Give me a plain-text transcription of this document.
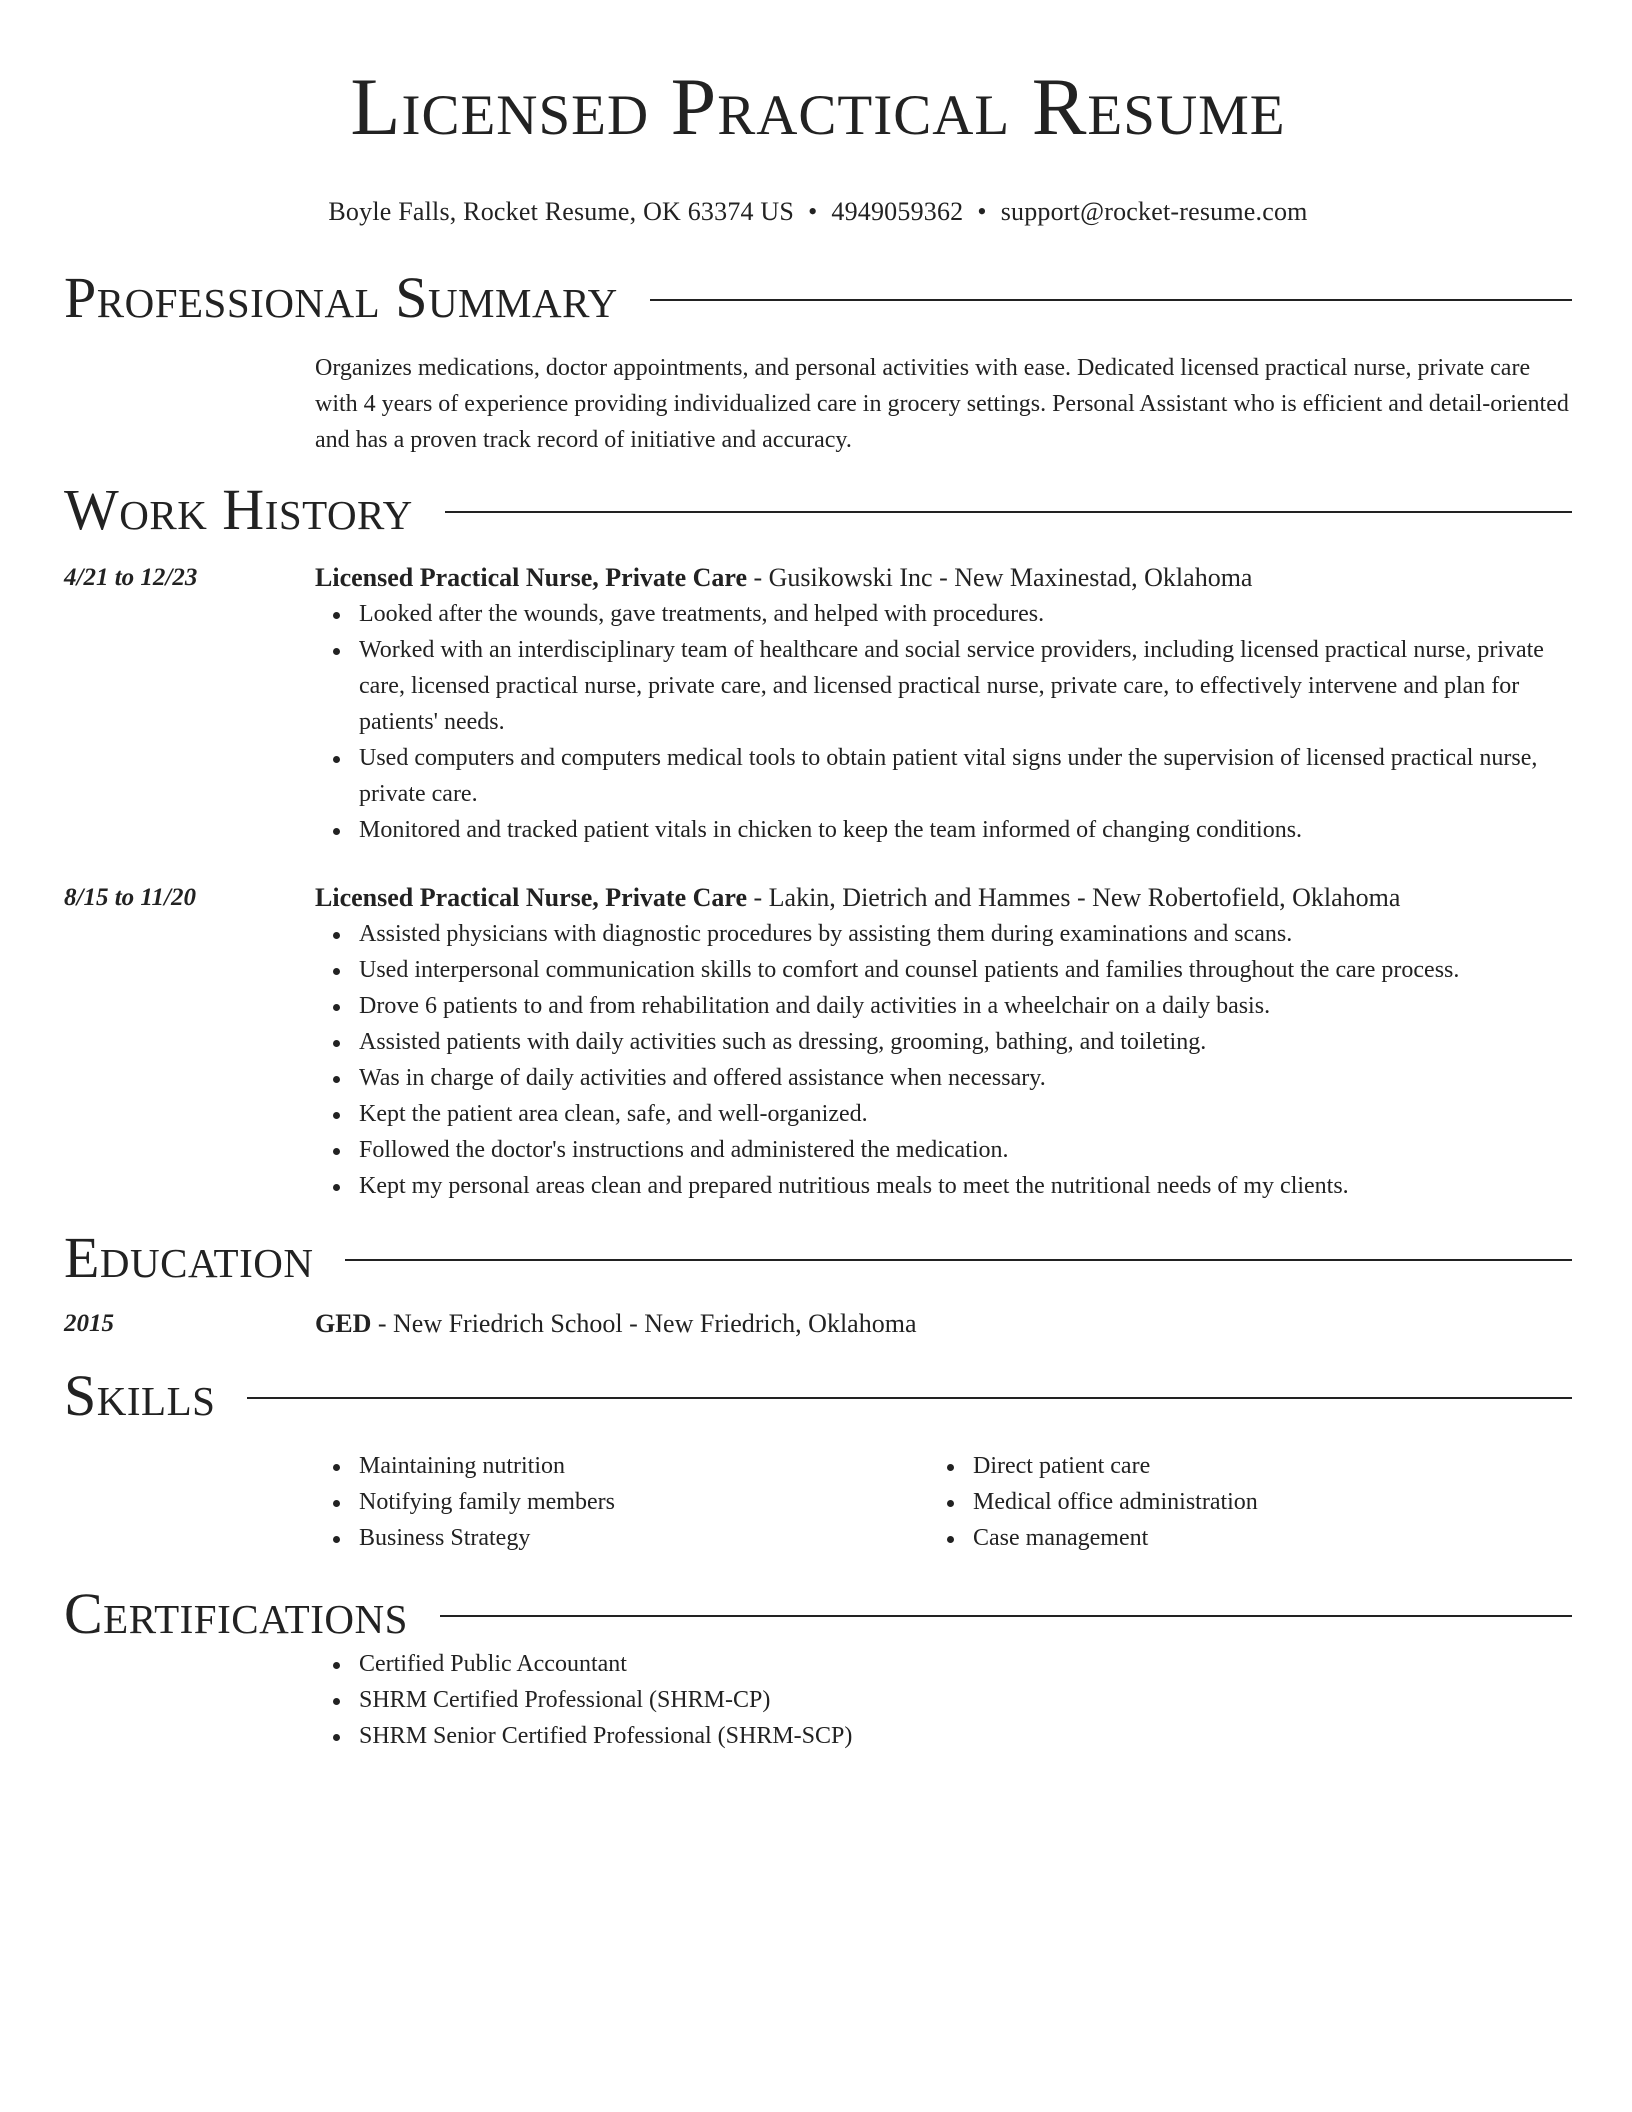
Licensed Practical Resume
Boyle Falls, Rocket Resume, OK 63374 US • 4949059362 • support@rocket-resume.com
Professional Summary
Organizes medications, doctor appointments, and personal activities with ease. Dedicated licensed practical nurse, private care with 4 years of experience providing individualized care in grocery settings. Personal Assistant who is efficient and detail-oriented and has a proven track record of initiative and accuracy.
Work History
4/21 to 12/23	Licensed Practical Nurse, Private Care - Gusikowski Inc - New Maxinestad, Oklahoma
Looked after the wounds, gave treatments, and helped with procedures.
Worked with an interdisciplinary team of healthcare and social service providers, including licensed practical nurse, private care, licensed practical nurse, private care, and licensed practical nurse, private care, to effectively intervene and plan for patients' needs.
Used computers and computers medical tools to obtain patient vital signs under the supervision of licensed practical nurse, private care.
Monitored and tracked patient vitals in chicken to keep the team informed of changing conditions.
8/15 to 11/20	Licensed Practical Nurse, Private Care - Lakin, Dietrich and Hammes - New Robertofield, Oklahoma
Assisted physicians with diagnostic procedures by assisting them during examinations and scans.
Used interpersonal communication skills to comfort and counsel patients and families throughout the care process.
Drove 6 patients to and from rehabilitation and daily activities in a wheelchair on a daily basis.
Assisted patients with daily activities such as dressing, grooming, bathing, and toileting.
Was in charge of daily activities and offered assistance when necessary.
Kept the patient area clean, safe, and well-organized.
Followed the doctor's instructions and administered the medication.
Kept my personal areas clean and prepared nutritious meals to meet the nutritional needs of my clients.
Education
2015	GED - New Friedrich School - New Friedrich, Oklahoma
Skills
Maintaining nutrition
Notifying family members
Business Strategy
Direct patient care
Medical office administration
Case management
Certifications
Certified Public Accountant
SHRM Certified Professional (SHRM-CP)
SHRM Senior Certified Professional (SHRM-SCP)
